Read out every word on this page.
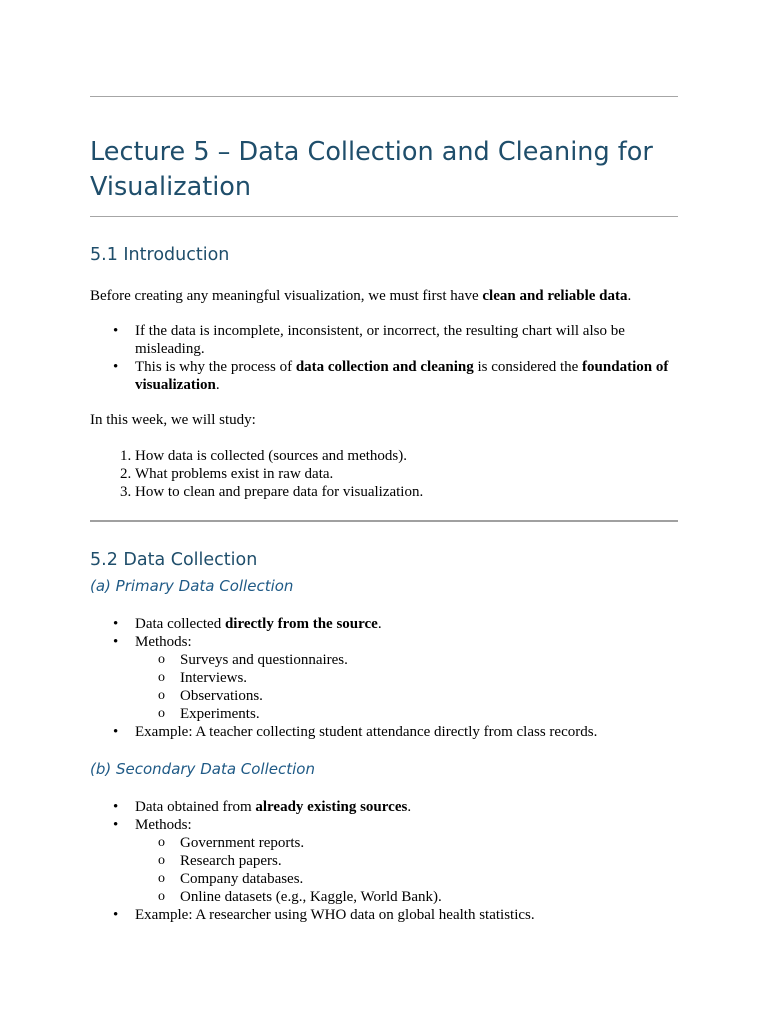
Lecture 5 – Data Collection and Cleaning for Visualization
5.1 Introduction

Before creating any meaningful visualization, we must first have clean and reliable data.

• If the data is incomplete, inconsistent, or incorrect, the resulting chart will also be misleading.
• This is why the process of data collection and cleaning is considered the foundation of visualization.

In this week, we will study:

1. How data is collected (sources and methods).
2. What problems exist in raw data.
3. How to clean and prepare data for visualization.
5.2 Data Collection
(a) Primary Data Collection
• Data collected directly from the source.
• Methods:
o Surveys and questionnaires.
o Interviews.
o Observations.
o Experiments.
• Example: A teacher collecting student attendance directly from class records.
(b) Secondary Data Collection
• Data obtained from already existing sources.
• Methods:
o Government reports.
o Research papers.
o Company databases.
o Online datasets (e.g., Kaggle, World Bank).
• Example: A researcher using WHO data on global health statistics.
